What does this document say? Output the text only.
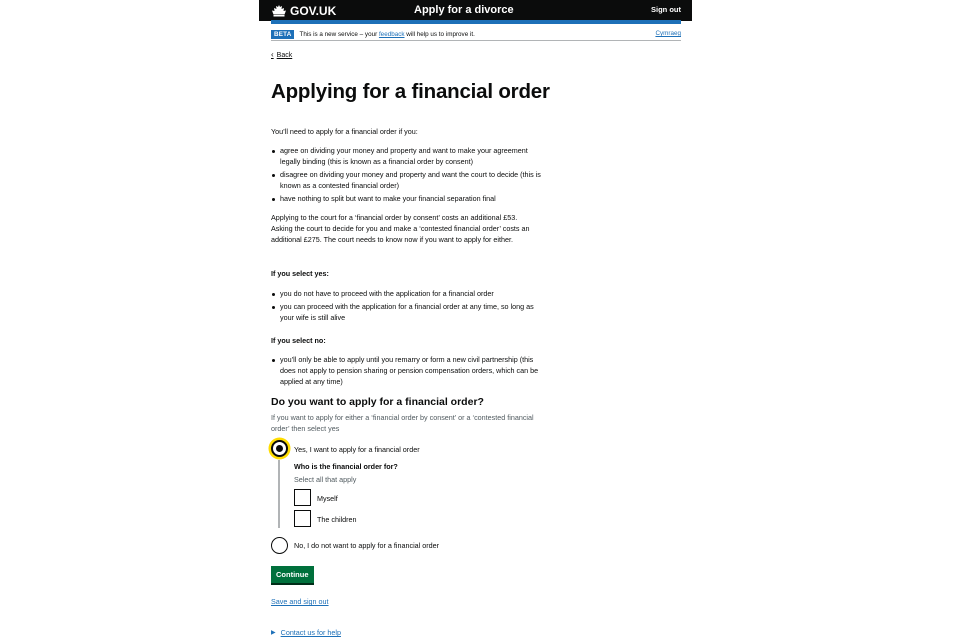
GOV.UK	Apply for a divorce	Sign out
BETA	This is a new service – your
feedback
will help us to improve it.	Cymraeg
‹ Back
Applying for a financial order

You’ll need to apply for a financial order if you:

agree on dividing your money and property and want to make your agreement legally binding (this is known as a financial order by consent)
disagree on dividing your money and property and want the court to decide (this is known as a contested financial order)
have nothing to split but want to make your financial separation final

Applying to the court for a ‘financial order by consent’ costs an additional £53. Asking the court to decide for you and make a ‘contested financial order’ costs an additional £275. The court needs to know now if you want to apply for either.

If you select yes:

you do not have to proceed with the application for a financial order
you can proceed with the application for a financial order at any time, so long as your wife is still alive

If you select no:

you’ll only be able to apply until you remarry or form a new civil partnership (this does not apply to pension sharing or pension compensation orders, which can be applied at any time)
Do you want to apply for a financial order?

If you want to apply for either a ‘financial order by consent’ or a ‘contested financial order’ then select yes

Yes, I want to apply for a financial order
Who is the financial order for?
Select all that apply
Myself
The children
No, I do not want to apply for a financial order
Continue
Save and sign out
▶ Contact us for help
